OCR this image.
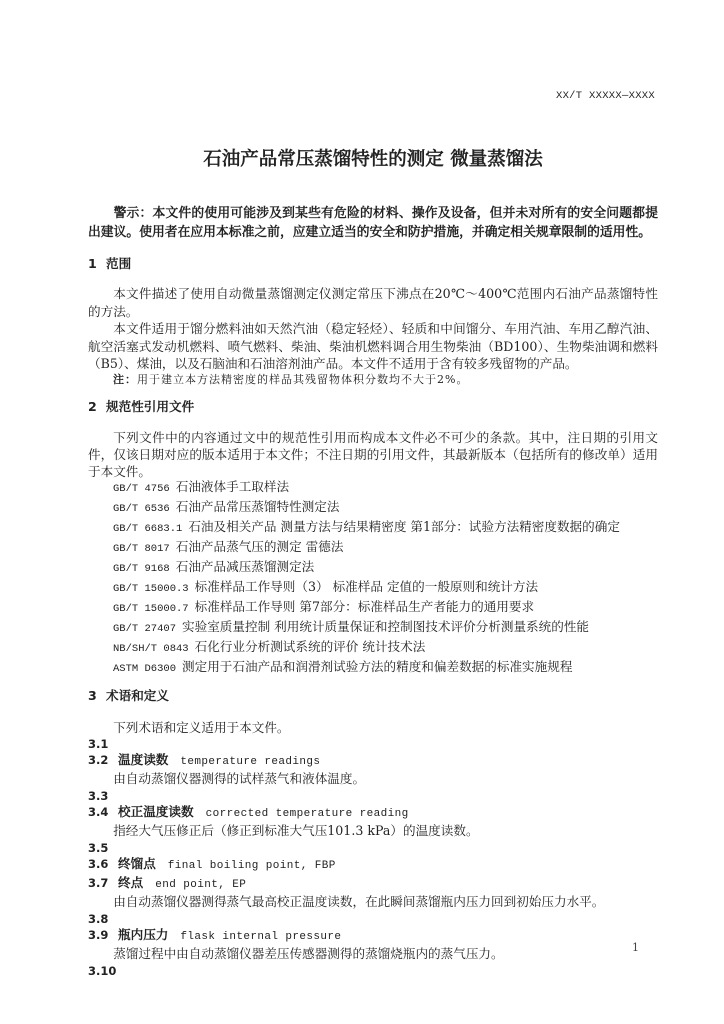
XX/T XXXXX—XXXX
石油产品常压蒸馏特性的测定 微量蒸馏法

警示：本文件的使用可能涉及到某些有危险的材料、操作及设备，但并未对所有的安全问题都提出建议。使用者在应用本标准之前，应建立适当的安全和防护措施，并确定相关规章限制的适用性。

1 范围

本文件描述了使用自动微量蒸馏测定仪测定常压下沸点在20℃～400℃范围内石油产品蒸馏特性的方法。

本文件适用于馏分燃料油如天然汽油（稳定轻烃）、轻质和中间馏分、车用汽油、车用乙醇汽油、航空活塞式发动机燃料、喷气燃料、柴油、柴油机燃料调合用生物柴油（BD100）、生物柴油调和燃料（B5）、煤油，以及石脑油和石油溶剂油产品。本文件不适用于含有较多残留物的产品。

注：用于建立本方法精密度的样品其残留物体积分数均不大于2%。

2 规范性引用文件

下列文件中的内容通过文中的规范性引用而构成本文件必不可少的条款。其中，注日期的引用文件，仅该日期对应的版本适用于本文件；不注日期的引用文件，其最新版本（包括所有的修改单）适用于本文件。

GB/T 4756 石油液体手工取样法
GB/T 6536 石油产品常压蒸馏特性测定法
GB/T 6683.1 石油及相关产品 测量方法与结果精密度 第1部分：试验方法精密度数据的确定
GB/T 8017 石油产品蒸气压的测定 雷德法
GB/T 9168 石油产品减压蒸馏测定法
GB/T 15000.3 标准样品工作导则（3） 标准样品 定值的一般原则和统计方法
GB/T 15000.7 标准样品工作导则 第7部分：标准样品生产者能力的通用要求
GB/T 27407 实验室质量控制 利用统计质量保证和控制图技术评价分析测量系统的性能
NB/SH/T 0843 石化行业分析测试系统的评价 统计技术法
ASTM D6300 测定用于石油产品和润滑剂试验方法的精度和偏差数据的标准实施规程
3 术语和定义

下列术语和定义适用于本文件。

3.1
3.2 温度读数 temperature readings
由自动蒸馏仪器测得的试样蒸气和液体温度。
3.3
3.4 校正温度读数 corrected temperature reading
指经大气压修正后（修正到标准大气压101.3 kPa）的温度读数。
3.5
3.6 终馏点 final boiling point, FBP
3.7 终点 end point, EP
由自动蒸馏仪器测得蒸气最高校正温度读数，在此瞬间蒸馏瓶内压力回到初始压力水平。
3.8
3.9 瓶内压力 flask internal pressure
蒸馏过程中由自动蒸馏仪器差压传感器测得的蒸馏烧瓶内的蒸气压力。
3.10
1
